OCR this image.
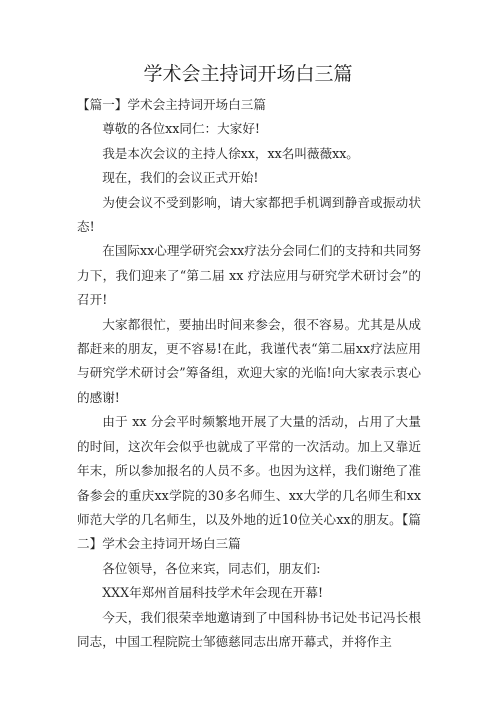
学术会主持词开场白三篇

【篇一】学术会主持词开场白三篇

尊敬的各位xx同仁：大家好!

我是本次会议的主持人徐xx，xx名叫薇薇xx。

现在，我们的会议正式开始!

为使会议不受到影响，请大家都把手机调到静音或振动状态!

在国际xx心理学研究会xx疗法分会同仁们的支持和共同努力下，我们迎来了“第二届 xx 疗法应用与研究学术研讨会”的召开!

大家都很忙，要抽出时间来参会，很不容易。尤其是从成都赶来的朋友，更不容易!在此，我谨代表“第二届xx疗法应用与研究学术研讨会”筹备组，欢迎大家的光临!向大家表示衷心的感谢!

由于 xx 分会平时频繁地开展了大量的活动，占用了大量的时间，这次年会似乎也就成了平常的一次活动。加上又靠近年末，所以参加报名的人员不多。也因为这样，我们谢绝了准备参会的重庆xx学院的30多名师生、xx大学的几名师生和xx师范大学的几名师生，以及外地的近10位关心xx的朋友。【篇二】学术会主持词开场白三篇

各位领导，各位来宾，同志们，朋友们:

XXX年郑州首届科技学术年会现在开幕!

今天，我们很荣幸地邀请到了中国科协书记处书记冯长根同志，中国工程院院士邹德慈同志出席开幕式，并将作主
